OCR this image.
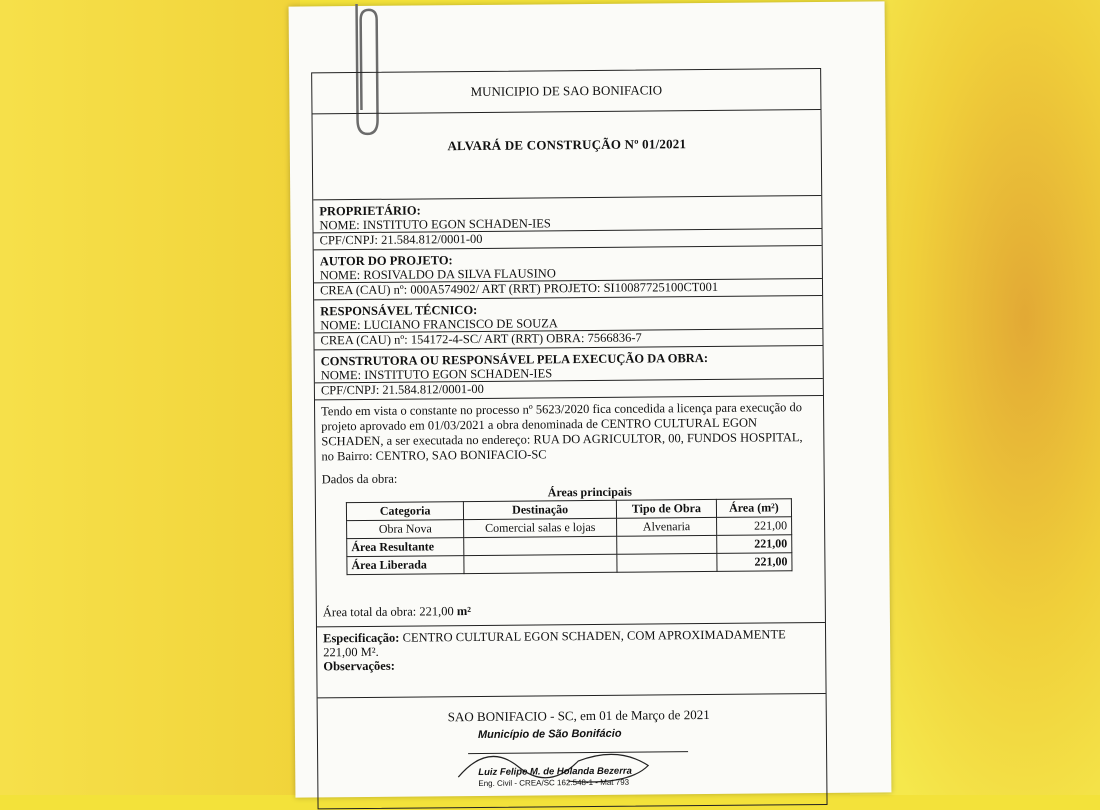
MUNICIPIO DE SAO BONIFACIO
ALVARÁ DE CONSTRUÇÃO Nº 01/2021
PROPRIETÁRIO:
NOME: INSTITUTO EGON SCHADEN-IES
CPF/CNPJ: 21.584.812/0001-00
AUTOR DO PROJETO:
NOME: ROSIVALDO DA SILVA FLAUSINO
CREA (CAU) nº: 000A574902/ ART (RRT) PROJETO: SI10087725100CT001
RESPONSÁVEL TÉCNICO:
NOME: LUCIANO FRANCISCO DE SOUZA
CREA (CAU) nº: 154172-4-SC/ ART (RRT) OBRA: 7566836-7
CONSTRUTORA OU RESPONSÁVEL PELA EXECUÇÃO DA OBRA:
NOME: INSTITUTO EGON SCHADEN-IES
CPF/CNPJ: 21.584.812/0001-00
Tendo em vista o constante no processo nº 5623/2020 fica concedida a licença para execução do projeto aprovado em 01/03/2021 a obra denominada de CENTRO CULTURAL EGON SCHADEN, a ser executada no endereço: RUA DO AGRICULTOR, 00, FUNDOS HOSPITAL, no Bairro: CENTRO, SAO BONIFACIO-SC
Dados da obra:
Áreas principais
Categoria	Destinação	Tipo de Obra	Área (m²)
Obra Nova	Comercial salas e lojas	Alvenaria	221,00
Área Resultante			221,00
Área Liberada			221,00
Área total da obra: 221,00 m²
Especificação: CENTRO CULTURAL EGON SCHADEN, COM APROXIMADAMENTE 221,00 M².
Observações:
SAO BONIFACIO - SC, em 01 de Março de 2021
Município de São Bonifácio
Luiz Felipe M. de Holanda Bezerra
Eng. Civil - CREA/SC 162.548-1 - Mat 793
